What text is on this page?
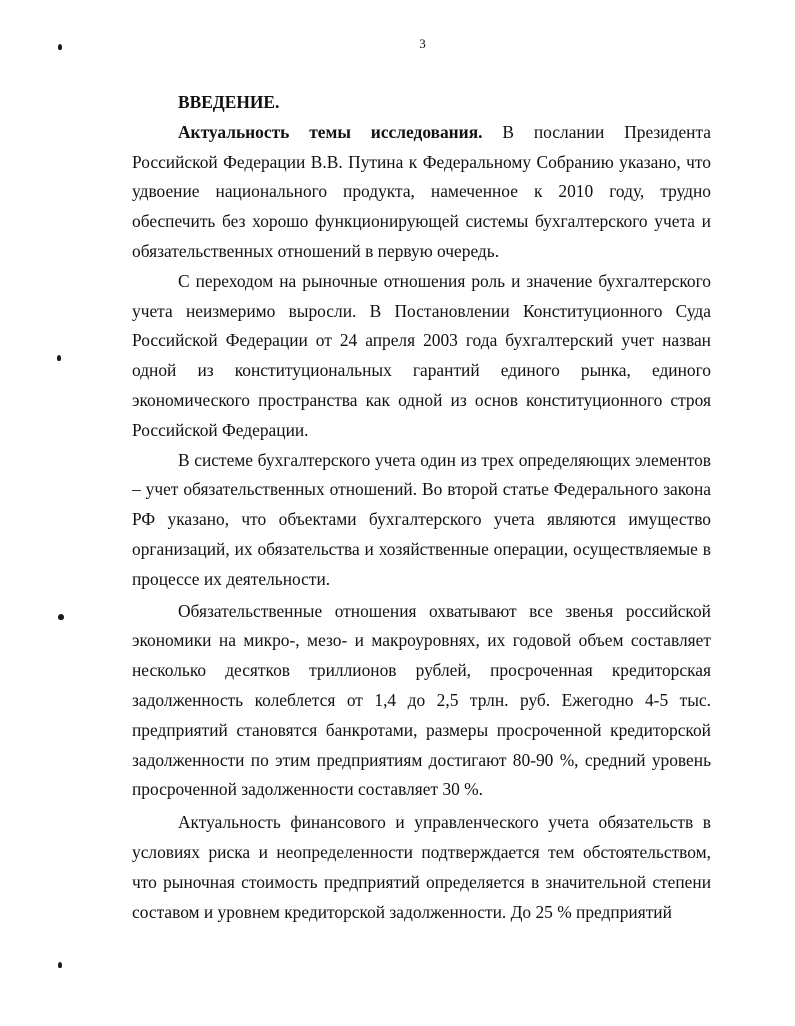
3
ВВЕДЕНИЕ.

Актуальность темы исследования. В послании Президента Российской Федерации В.В. Путина к Федеральному Собранию указано, что удвоение национального продукта, намеченное к 2010 году, трудно обеспечить без хорошо функционирующей системы бухгалтерского учета и обязательственных отношений в первую очередь.

С переходом на рыночные отношения роль и значение бухгалтерского учета неизмеримо выросли. В Постановлении Конституционного Суда Российской Федерации от 24 апреля 2003 года бухгалтерский учет назван одной из конституциональных гарантий единого рынка, единого экономического пространства как одной из основ конституционного строя Российской Федерации.

В системе бухгалтерского учета один из трех определяющих элементов – учет обязательственных отношений. Во второй статье Федерального закона РФ указано, что объектами бухгалтерского учета являются имущество организаций, их обязательства и хозяйственные операции, осуществляемые в процессе их деятельности.

Обязательственные отношения охватывают все звенья российской экономики на микро-, мезо- и макроуровнях, их годовой объем составляет несколько десятков триллионов рублей, просроченная кредиторская задолженность колеблется от 1,4 до 2,5 трлн. руб. Ежегодно 4-5 тыс. предприятий становятся банкротами, размеры просроченной кредиторской задолженности по этим предприятиям достигают 80-90 %, средний уровень просроченной задолженности составляет 30 %.

Актуальность финансового и управленческого учета обязательств в условиях риска и неопределенности подтверждается тем обстоятельством, что рыночная стоимость предприятий определяется в значительной степени составом и уровнем кредиторской задолженности. До 25 % предприятий
